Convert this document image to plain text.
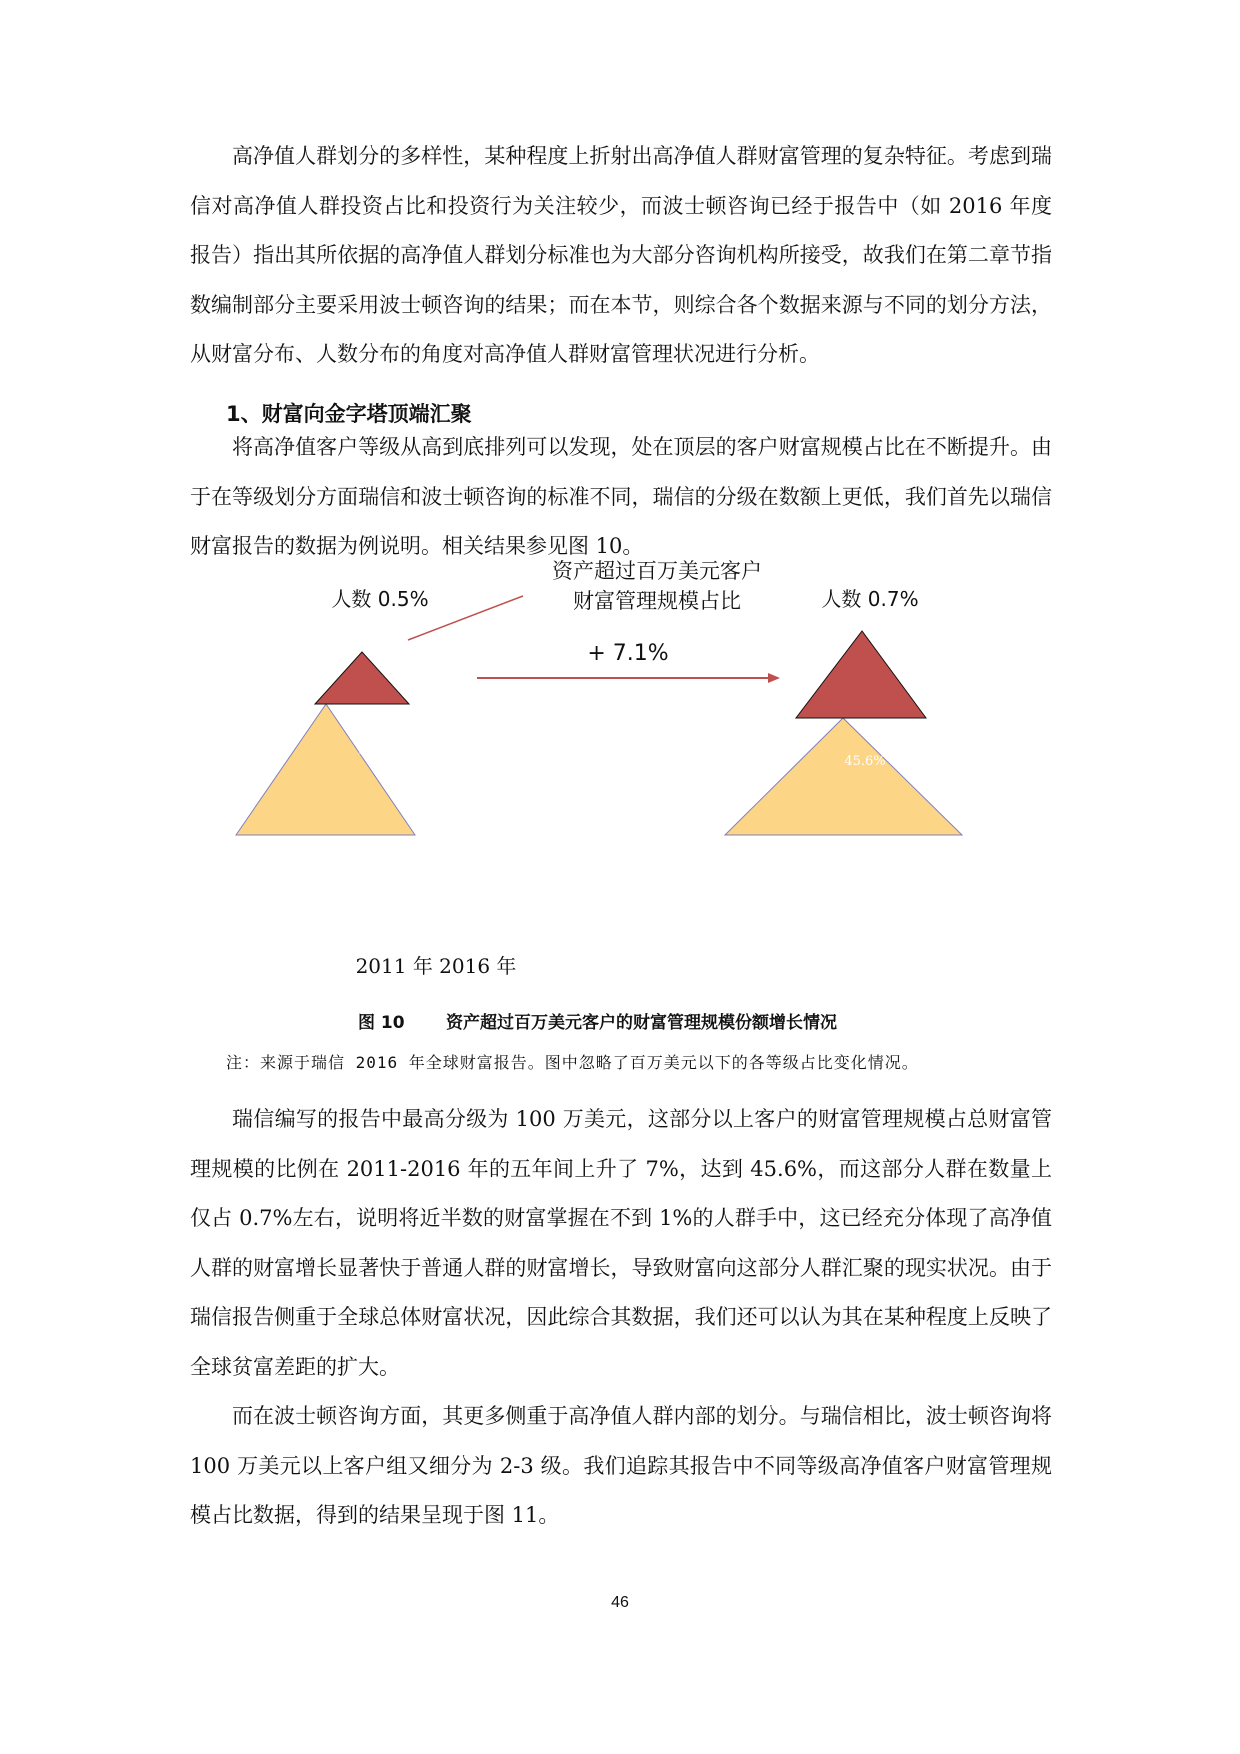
高净值人群划分的多样性，某种程度上折射出高净值人群财富管理的复杂特征。考虑到瑞信对高净值人群投资占比和投资行为关注较少，而波士顿咨询已经于报告中（如 2016 年度报告）指出其所依据的高净值人群划分标准也为大部分咨询机构所接受，故我们在第二章节指数编制部分主要采用波士顿咨询的结果；而在本节，则综合各个数据来源与不同的划分方法，从财富分布、人数分布的角度对高净值人群财富管理状况进行分析。

1、财富向金字塔顶端汇聚

将高净值客户等级从高到底排列可以发现，处在顶层的客户财富规模占比在不断提升。由于在等级划分方面瑞信和波士顿咨询的标准不同，瑞信的分级在数额上更低，我们首先以瑞信财富报告的数据为例说明。相关结果参见图 10。

资产超过百万美元客户
财富管理规模占比
人数 0.5%	人数 0.7%
38.5%
45.6%
+ 7.1%
2011 年 2016 年
图 10 资产超过百万美元客户的财富管理规模份额增长情况
注：来源于瑞信 2016 年全球财富报告。图中忽略了百万美元以下的各等级占比变化情况。

瑞信编写的报告中最高分级为 100 万美元，这部分以上客户的财富管理规模占总财富管理规模的比例在 2011-2016 年的五年间上升了 7%，达到 45.6%，而这部分人群在数量上仅占 0.7%左右，说明将近半数的财富掌握在不到 1%的人群手中，这已经充分体现了高净值人群的财富增长显著快于普通人群的财富增长，导致财富向这部分人群汇聚的现实状况。由于瑞信报告侧重于全球总体财富状况，因此综合其数据，我们还可以认为其在某种程度上反映了全球贫富差距的扩大。

而在波士顿咨询方面，其更多侧重于高净值人群内部的划分。与瑞信相比，波士顿咨询将 100 万美元以上客户组又细分为 2-3 级。我们追踪其报告中不同等级高净值客户财富管理规模占比数据，得到的结果呈现于图 11。

46
